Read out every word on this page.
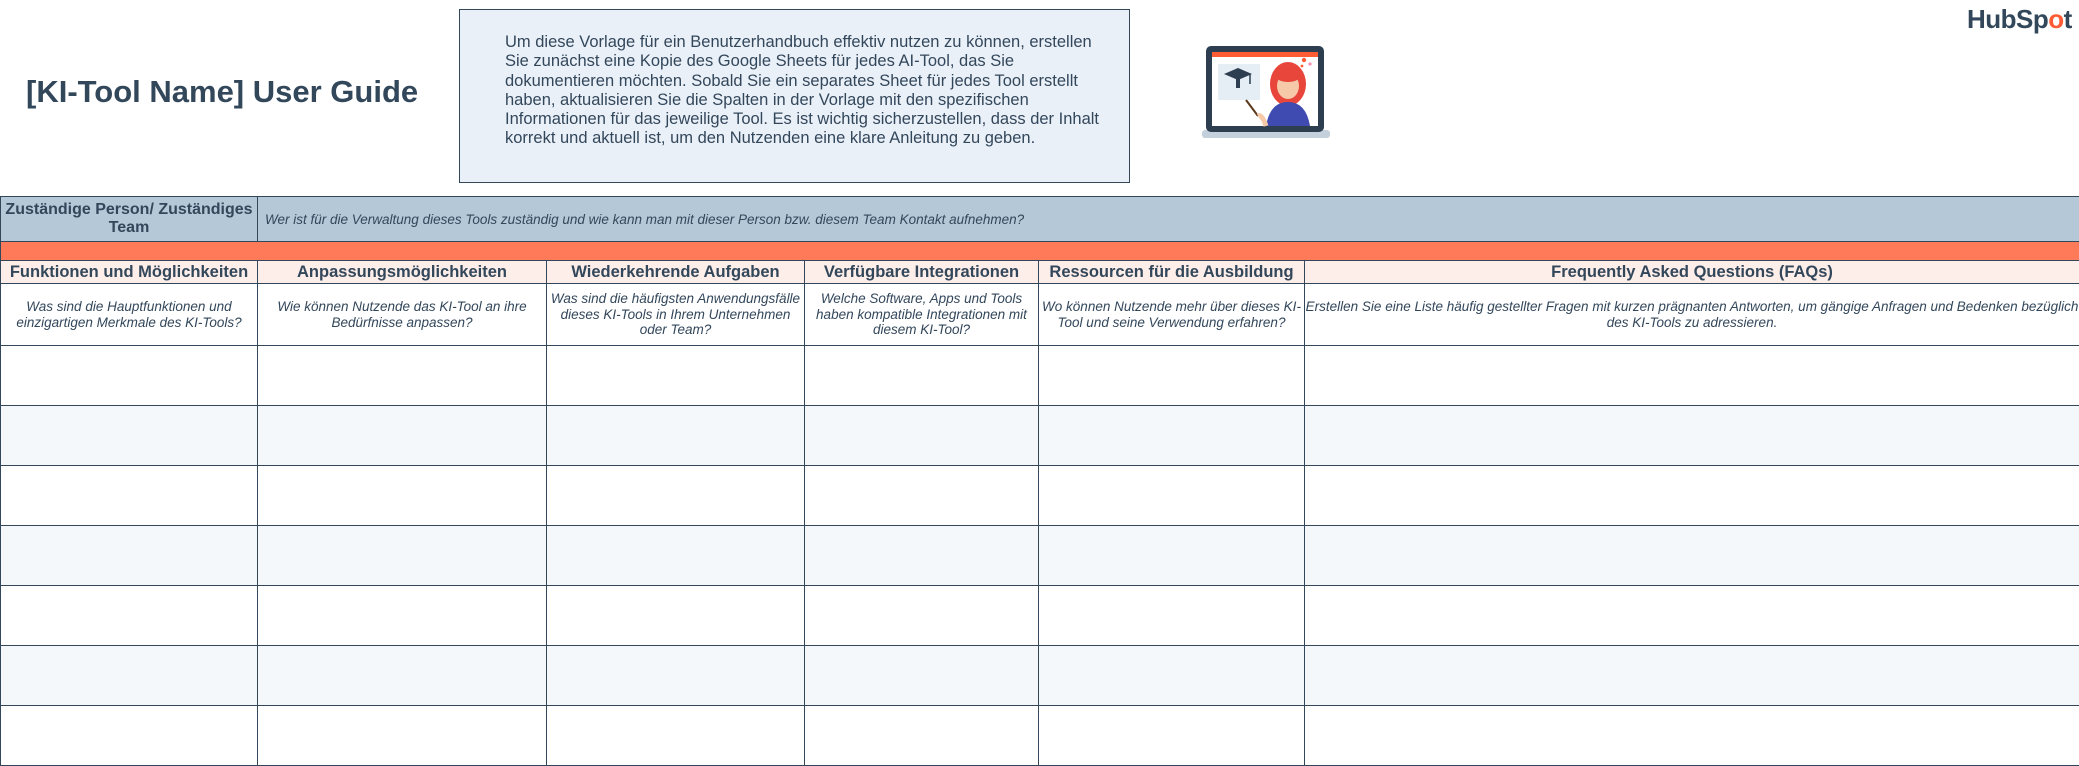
[KI-Tool Name] User Guide
Um diese Vorlage für ein Benutzerhandbuch effektiv nutzen zu können, erstellen Sie zunächst eine Kopie des Google Sheets für jedes AI-Tool, das Sie dokumentieren möchten. Sobald Sie ein separates Sheet für jedes Tool erstellt haben, aktualisieren Sie die Spalten in der Vorlage mit den spezifischen Informationen für das jeweilige Tool. Es ist wichtig sicherzustellen, dass der Inhalt korrekt und aktuell ist, um den Nutzenden eine klare Anleitung zu geben.
HubSpot
Zuständige Person/ Zuständiges Team	Wer ist für die Verwaltung dieses Tools zuständig und wie kann man mit dieser Person bzw. diesem Team Kontakt aufnehmen?				

Funktionen und Möglichkeiten	Anpassungsmöglichkeiten	Wiederkehrende Aufgaben	Verfügbare Integrationen	Ressourcen für die Ausbildung	Frequently Asked Questions (FAQs)
Was sind die Hauptfunktionen und einzigartigen Merkmale des KI-Tools?	Wie können Nutzende das KI-Tool an ihre Bedürfnisse anpassen?	Was sind die häufigsten Anwendungsfälle dieses KI-Tools in Ihrem Unternehmen oder Team?	Welche Software, Apps und Tools haben kompatible Integrationen mit diesem KI-Tool?	Wo können Nutzende mehr über dieses KI-Tool und seine Verwendung erfahren?	Erstellen Sie eine Liste häufig gestellter Fragen mit kurzen prägnanten Antworten, um gängige Anfragen und Bedenken bezüglich des KI-Tools zu adressieren.
